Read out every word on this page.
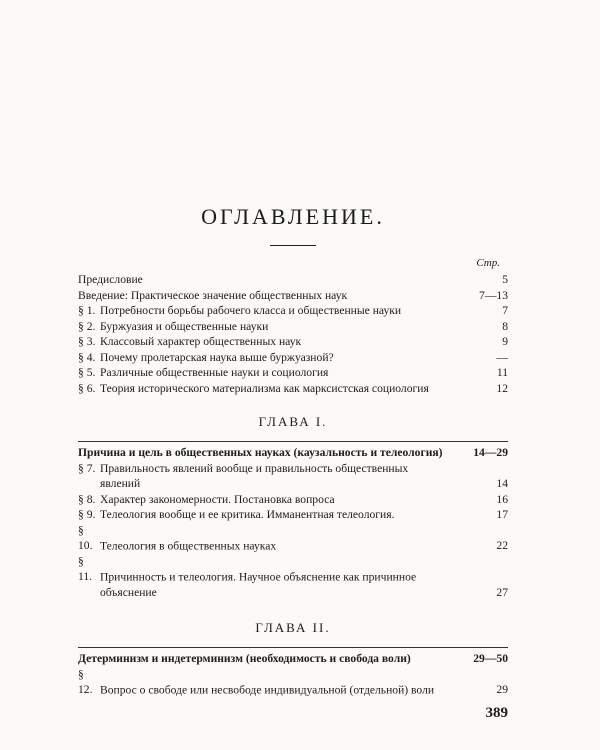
ОГЛАВЛЕНИЕ.
Стр.
Предисловие	5
Введение: Практическое значение общественных наук	7—13
§ 1. Потребности борьбы рабочего класса и общественные науки	7
§ 2. Буржуазия и общественные науки	8
§ 3. Классовый характер общественных наук	9
§ 4. Почему пролетарская наука выше буржуазной?	—
§ 5. Различные общественные науки и социология	11
§ 6. Теория исторического материализма как марксистская социология	12
ГЛАВА I.
Причина и цель в общественных науках (каузальность и телеология)	14—29
§ 7. Правильность явлений вообще и правильность общественных явлений	14
§ 8. Характер закономерности. Постановка вопроса	16
§ 9. Телеология вообще и ее критика. Имманентная телеология.	17
§ 10. Телеология в общественных науках	22
§ 11. Причинность и телеология. Научное объяснение как причинное объяснение	27
ГЛАВА II.
Детерминизм и индетерминизм (необходимость и свобода воли)	29—50
§ 12. Вопрос о свободе или несвободе индивидуальной (отдельной) воли	29
389
